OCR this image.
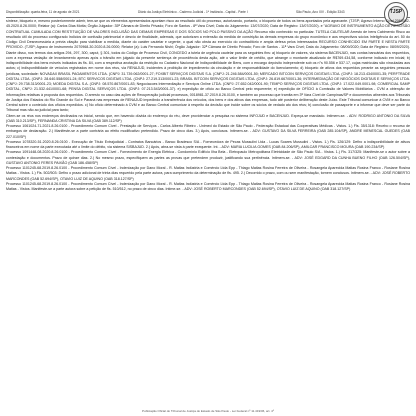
Disponibilização: quarta-feira, 11 de agosto de 2021	Diário da Justiça Eletrônico - Caderno Judicial - 1ª Instância - Capital - Parte I	São Paulo, Ano XIV - Edição 3343	TJSP

síntese, bloqueio e, mesmo posteriormente aderir, tem-se que os elementos apresentados apontam risco ao resultado útil do processo, autorizando, portanto, o bloqueio de todos os bens apontados pela agravante. (TJSP; Agravo Interno Cível 2060052-45.2020.8.26.0000; Relator (a): Carlos Dias Motta; Órgão Julgador: 35ª Câmara de Direito Privado; Foro de Santos - 8ª Vara Cível; Data do Julgamento: 13/07/2020; Data de Registro: 13/07/2020). e "AGRAVO DE INSTRUMENTO AÇÃO DE RESCISÃO CONTRATUAL CUMULADA COM RESTITUIÇÃO DE VALORES INCLUSÃO DAS DEMAIS EMPRESAS E DOS SÓCIOS NO POLO PASSIVO DA AÇÃO Recurso não conhecido no particular. TUTELA CAUTELAR Arresto de bens Cabimento Risco ao resultado útil do processo configurado Indícios de confusão patrimonial e desvio de finalidade, ademais, que autorizam a extensão da medida de constrição às demais empresas do grupo econômico e aos respectivos sócios Inteligência do art. 50 do Código Civil Desnecessária a prévia citação para viabilizar a medida, diante do caráter cautelar e urgente, o qual não obsta ao exercício do contraditório e ampla defesa pelos interessados RECURSO CONHECIDO EM PARTE E NESTA PARTE PROVIDO. (TJSP; Agravo de Instrumento 2070968-30.2020.8.26.0000; Relator (a): Luis Fernando Nishi; Órgão Julgador: 32ª Câmara de Direito Privado; Foro de Santos - 11ª Vara Cível; Data do Julgamento: 08/09/2020; Data de Registro: 08/09/2020). Diante disso, nos termos dos artigos 294, 297, 300, caput, § 301, todos do Código de Processo Civil, CONCEDO a tutela de urgência cautelar para os seguintes fins: a) bloqueio de valores, via sistema BACENJUD, nas contas bancárias dos requeridos, com a expressa vedação de levantamento apenas após o trânsito em julgado da presente sentença de procedência desta ação, até o valor limite de crédito, que abrange o montante atualizado de R$769.434,58, conforme indicado em inicial; b) indisponibilidade dos bens móveis indicados às fls. 84, com a respectiva anotação da restrição no Cadastro Nacional de Indisponibilidade de Bens, com o encargo depósito independente sob os n°s 90.556 e 537.17, cujas matrículas são vinculadas aos autos; c) indisponibilidade de veículos registrados em nome dos réus, via RENAJUD, incidentes à proibição de impedimento da circulação e de responsabilidade do licenciamento; d) bloqueio de ativos dos requeridos perante as seguintes pessoas jurídicas, sociedade: NOVADAX BRASIL PAGAMENTOS LTDA. (CNPJ: 31.739.062/0001-27; FOXBIT SERVIÇOS DIGITAIS S.A. (CNPJ: 21.246.584/0001-50; MERCADO BITCOIN SERVIÇOS DIGITAIS LTDA. (CNPJ: 18.213.434/0001-35; PERFTRADE DIGITAL LTDA. (CNPJ: 28.640.558/0001-24; BTC SERVICOS DIGITAIS LTDA. (CNPJ: 27.219.313/0001-23; BRASIL BITCOIN SERVIÇOS DIGITAIS LTDA. (CNPJ: 26.819.667/0001-36; INTERMEDIAÇÃO DE NEGÓCIOS DIGITAIS E SERVIÇOS LTDA. (CNPJ: 29.738.313/0001-23; MOEDA DIGITAL S.A. (CNPJ: 08.570.867/0001-83; Negociacoes Intermediação e Serviços Online LTDA. (CNPJ: 27.652.042/0001-90; TEMPO SERVIÇOS DIGITAIS LTDA. (CNPJ: 17.022.049.0001-98; COMERCIAL SAMP DIGITAL, CNPJ: 21.532.441/0001-68; PENSA DIGITAL SERVIÇOS LTDA. (CNPJ: 07.213.543/0001-37). e) expedição de ofício ao Banco Central pelo requerente; e) expedição de OFÍCIO à Comissão de Valores Mobiliários - CVM a obtenção de informações relativas à proposta dos requeridos. O arresto no caso das ações de Recuperação judicial processos, 0018981-37.2019.8.26.0100, e também ao processo que tramita em 3ª Vara Cível de Campinas/SP e documentos atinentes aos Tribunais de Justiça dos Estados do Rio Grande do Sul e Paraná nas empresas de RENAJUD impedindo a transferência dos veículos, dos bens e dos ativos das empresas, tudo até posterior deliberação deste Juízo. Este Tribunal comunicar à CVM e ao Banco Central sobre o conteúdo dos ofícios expedidos. c) No ofício determinado à CVM e ao Banco Central comunicar à respeito da decisão que incide sobre os sócios de vedado ato dos réus; b) conclusão de passaporte e a informar que deve ser parte do Tribunal mas não ao judicial para tanto;

Citem-se os réus nos endereços declinados na inicial, sendo que, em havendo dúvida do endereço do réu, deve providenciar a pesquisa no sistema INFOJUD e BACENJUD. Expeça-se mandado. Intimem-se. - ADV: RODRIGO ANTONIO DA SILVA (OAB 310.213/SP), FERNANDA CRISTINA DA SILVA (OAB 389.112/SP)

Processo 1061024-71.2021.8.26.0100 - Procedimento Comum Cível - Prestação de Serviços - Carlos Alberto Ribeiro - Unimed do Estado de São Paulo - Federação Estadual das Cooperativas Médicas - Vistos. 1.) Fls. 35/1318: Recebo o recurso de embargos de declaração. 2.) Manifeste-se a parte contrária ao efeito modificativo pretendido. Prazo de cinco dias. 3.) Após, conclusos. Intimem-se. - ADV: GUSTAVO DA SILVA FERREIRA (OAB 285.104/SP), ANDRE MENESCAL GUEDES (OAB 227.010/SP)

Processo 1078320-51.2020.8.26.0100 - Execução de Título Extrajudicial - Contratos Bancários - Banco Bradesco S/A - Fornecedora de Pecas Mussulini Ltda - Lucas Soares Mussulini - Vistos. 1.) Fls. 126/129: Defiro a indisponibilidade de ativos financeiros em nome da parte executada até o limite do débito, via sistema SISBAJUD. 2.) Após, abra-se vista à parte exequente. Int. - ADV: MARIA LUCILIA GOMES (OAB 84.206/SP), AMILCAR FRANCISCO MOURA (OAB 190.234/SP)

Processo 1091448-08.2020.8.26.0100 - Procedimento Comum Cível - Fornecimento de Energia Elétrica - Condomínio Edifício Ilha Bela - Eletropaulo Metropolitana Eletricidade de São Paulo S/A - Vistos. 1.) Fls. 317/325: Manifeste-se o autor sobre a contestação e documentos. Prazo de quinze dias. 2.) No mesmo prazo, especifiquem as partes as provas que pretendem produzir, justificando sua pertinência. Intimem-se. - ADV: JOSÉ EDGARD DA CUNHA BUENO FILHO (OAB 126.504/SP), GUSTAVO ANTONIO FERES PAIXÃO (OAB 186.458/SP)

Processo 1101245-68.2019.8.26.0100 - Procedimento Comum Cível - Indenização por Dano Moral - R. Matias Indústria e Comércio Ltda Epp - Thiago Matias Rosina Ferreira de Oliveira - Rosangela Aparecida Matias Rosina Franco - Rosiane Rosina Matias - Vistos. 1.) Fls. 502/503: Defiro o prazo adicional de trinta dias requerido pela parte autora, para cumprimento da determinação de fls. 495. 2.) Decorrido o prazo, com ou sem manifestação, tornem conclusos. Intimem-se. - ADV: JOSÉ ROBERTO MARCONDES (OAB 52.694/SP), OTAVIO LUIZ DE AQUINO (OAB 318.127/SP)

Processo 1101245-68.2019.8.26.0100 - Procedimento Comum Cível - Indenização por Dano Moral - R. Matias Indústria e Comércio Ltda Epp - Thiago Matias Rosina Ferreira de Oliveira - Rosangela Aparecida Matias Rosina Franco - Rosiane Rosina Matias - Vistos. Manifeste-se a parte autora sobre a petição de fls. 510/512, no prazo de cinco dias. Intime-se. - ADV: JOSÉ ROBERTO MARCONDES (OAB 52.694/SP), OTAVIO LUIZ DE AQUINO (OAB 318.127/SP)

Publicação Oficial do Tribunal de Justiça do Estado de São Paulo - Lei Federal nº 11.419/06, art. 4º
